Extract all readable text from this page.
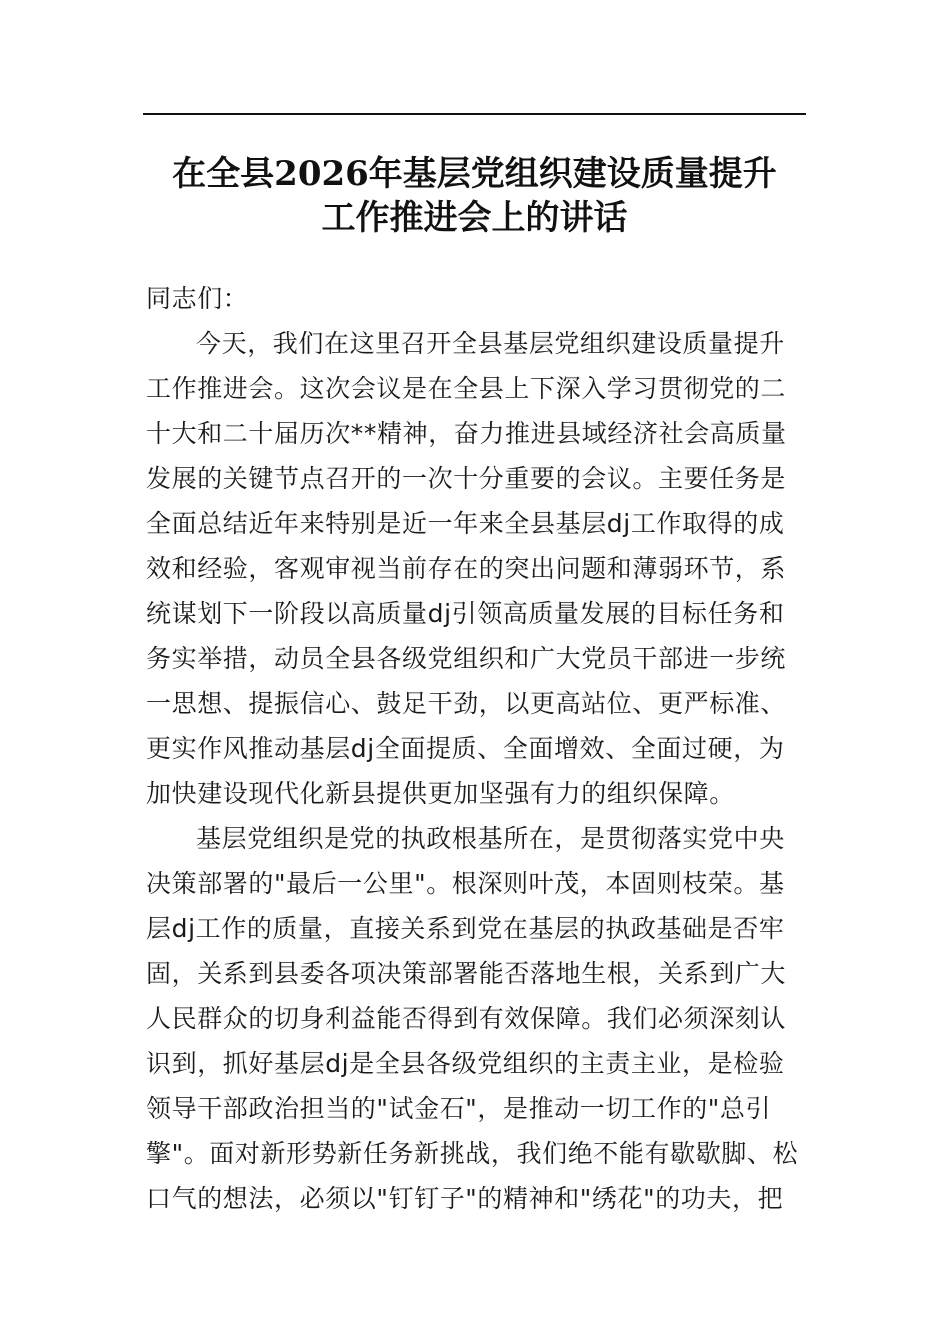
在全县2026年基层党组织建设质量提升
工作推进会上的讲话
同志们：
今天，我们在这里召开全县基层党组织建设质量提升
工作推进会。这次会议是在全县上下深入学习贯彻党的二
十大和二十届历次**精神，奋力推进县域经济社会高质量
发展的关键节点召开的一次十分重要的会议。主要任务是
全面总结近年来特别是近一年来全县基层dj工作取得的成
效和经验，客观审视当前存在的突出问题和薄弱环节，系
统谋划下一阶段以高质量dj引领高质量发展的目标任务和
务实举措，动员全县各级党组织和广大党员干部进一步统
一思想、提振信心、鼓足干劲，以更高站位、更严标准、
更实作风推动基层dj全面提质、全面增效、全面过硬，为
加快建设现代化新县提供更加坚强有力的组织保障。
基层党组织是党的执政根基所在，是贯彻落实党中央
决策部署的"最后一公里"。根深则叶茂，本固则枝荣。基
层dj工作的质量，直接关系到党在基层的执政基础是否牢
固，关系到县委各项决策部署能否落地生根，关系到广大
人民群众的切身利益能否得到有效保障。我们必须深刻认
识到，抓好基层dj是全县各级党组织的主责主业，是检验
领导干部政治担当的"试金石"，是推动一切工作的"总引
擎"。面对新形势新任务新挑战，我们绝不能有歇歇脚、松
口气的想法，必须以"钉钉子"的精神和"绣花"的功夫，把
